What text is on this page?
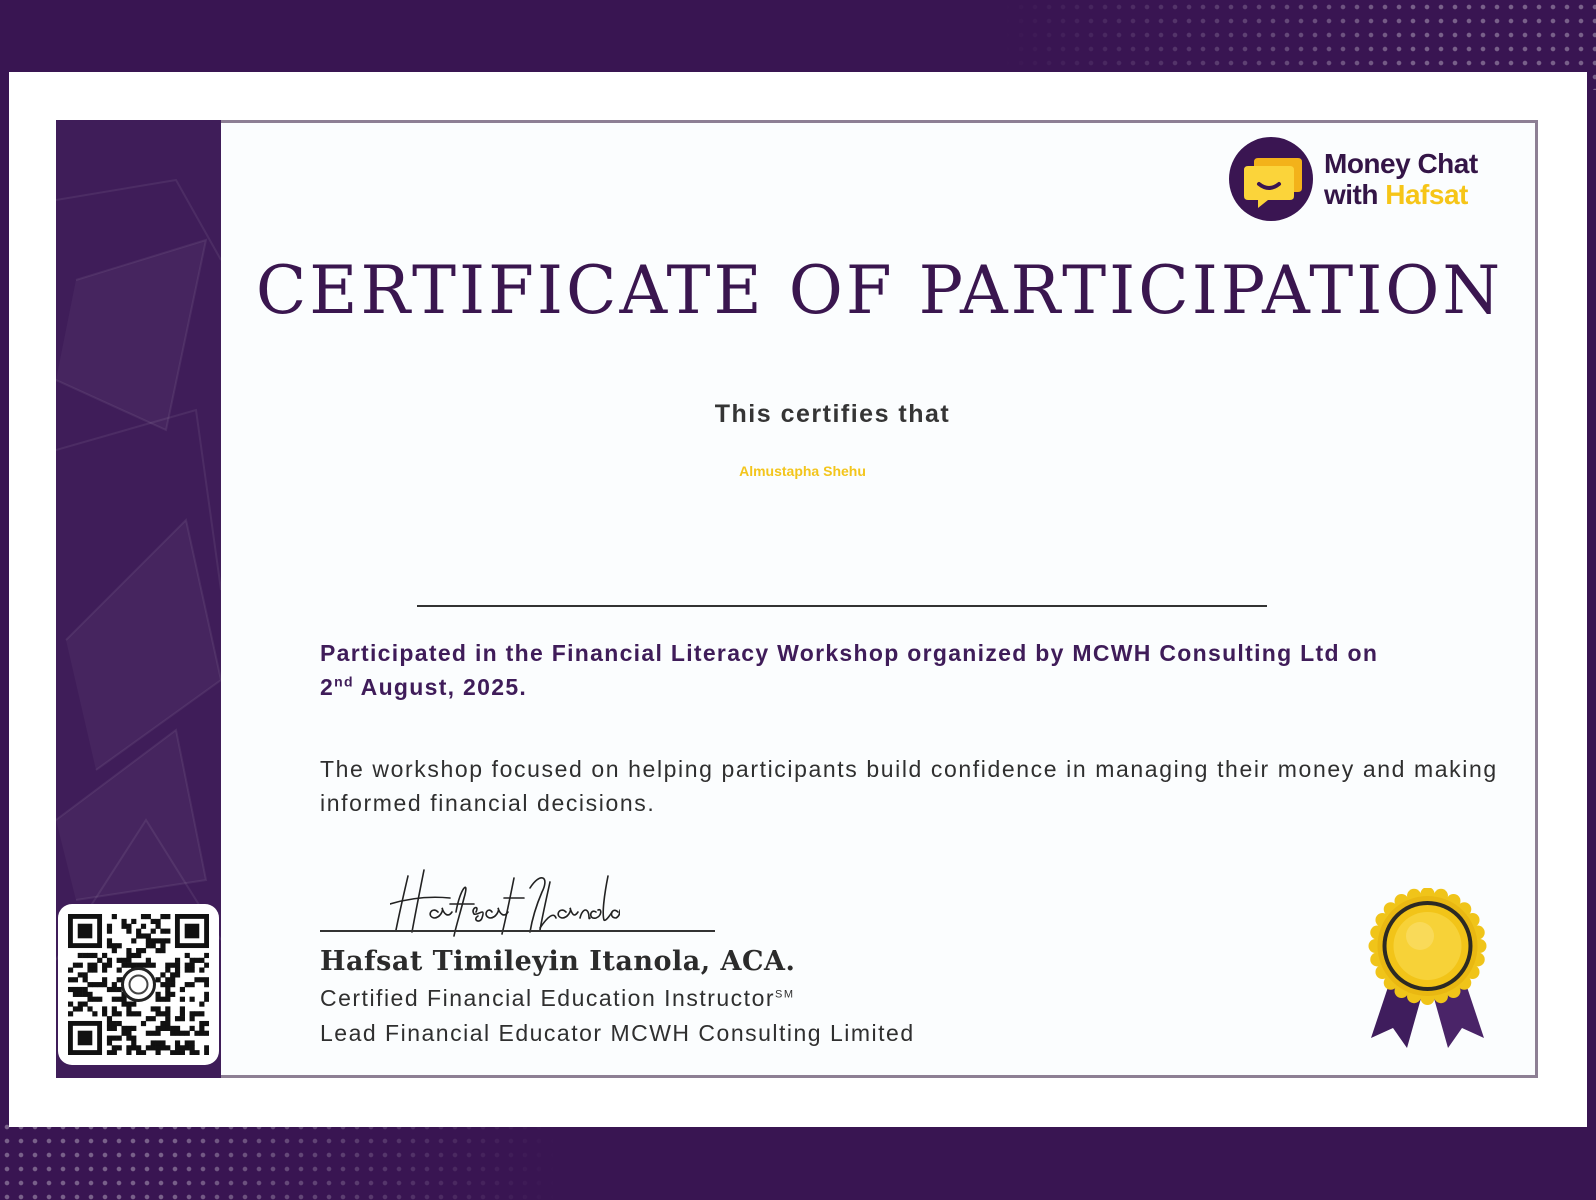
Money Chat
with Hafsat
CERTIFICATE OF PARTICIPATION
This certifies that
Almustapha Shehu
Participated in the Financial Literacy Workshop organized by MCWH Consulting Ltd on
2nd August, 2025.
The workshop focused on helping participants build confidence in managing their money and making informed financial decisions.
Hafsat Timileyin Itanola, ACA.
Certified Financial Education Instructor℠
Lead Financial Educator MCWH Consulting Limited
